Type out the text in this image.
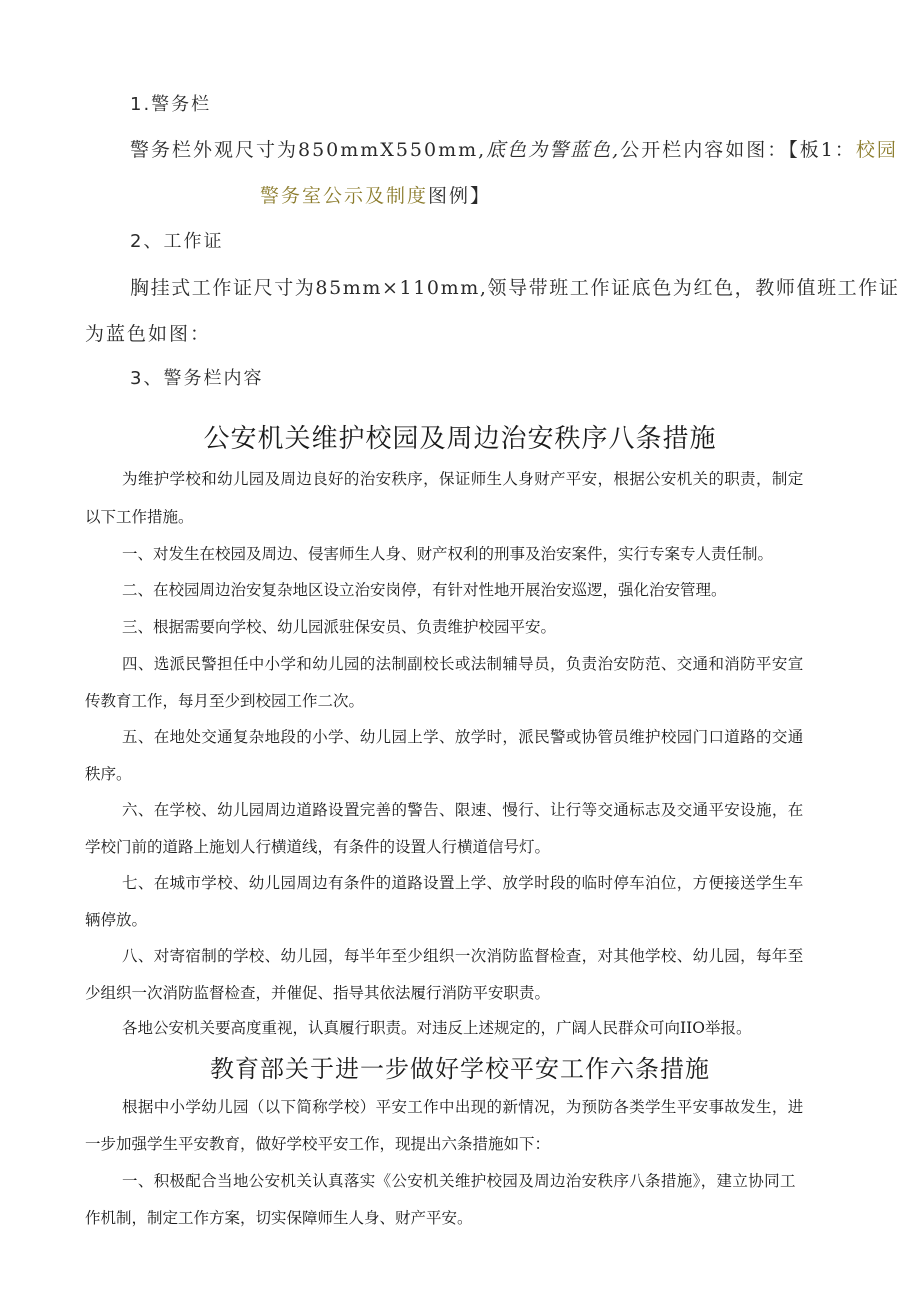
1.警务栏
警务栏外观尺寸为850mmX550mm,底色为警蓝色,公开栏内容如图：【板1：校园
警务室公示及制度图例】
2、工作证
胸挂式工作证尺寸为85mm×110mm,领导带班工作证底色为红色，教师值班工作证
为蓝色如图：
3、警务栏内容
公安机关维护校园及周边治安秩序八条措施
为维护学校和幼儿园及周边良好的治安秩序，保证师生人身财产平安，根据公安机关的职责，制定
以下工作措施。
一、对发生在校园及周边、侵害师生人身、财产权利的刑事及治安案件，实行专案专人责任制。
二、在校园周边治安复杂地区设立治安岗停，有针对性地开展治安巡逻，强化治安管理。
三、根据需要向学校、幼儿园派驻保安员、负责维护校园平安。
四、选派民警担任中小学和幼儿园的法制副校长或法制辅导员，负责治安防范、交通和消防平安宣
传教育工作，每月至少到校园工作二次。
五、在地处交通复杂地段的小学、幼儿园上学、放学时，派民警或协管员维护校园门口道路的交通
秩序。
六、在学校、幼儿园周边道路设置完善的警告、限速、慢行、让行等交通标志及交通平安设施，在
学校门前的道路上施划人行横道线，有条件的设置人行横道信号灯。
七、在城市学校、幼儿园周边有条件的道路设置上学、放学时段的临时停车泊位，方便接送学生车
辆停放。
八、对寄宿制的学校、幼儿园，每半年至少组织一次消防监督检查，对其他学校、幼儿园，每年至
少组织一次消防监督检查，并催促、指导其依法履行消防平安职责。
各地公安机关要高度重视，认真履行职责。对违反上述规定的，广阔人民群众可向IIO举报。
教育部关于进一步做好学校平安工作六条措施
根据中小学幼儿园（以下简称学校）平安工作中出现的新情况，为预防各类学生平安事故发生，进
一步加强学生平安教育，做好学校平安工作，现提出六条措施如下：
一、积极配合当地公安机关认真落实《公安机关维护校园及周边治安秩序八条措施》，建立协同工
作机制，制定工作方案，切实保障师生人身、财产平安。
